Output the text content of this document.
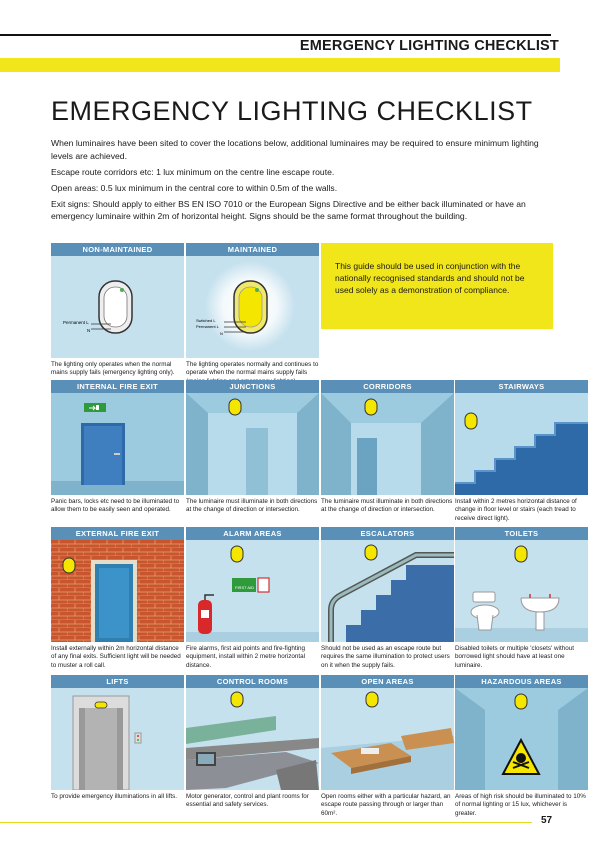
EMERGENCY LIGHTING CHECKLIST
EMERGENCY LIGHTING CHECKLIST

When luminaires have been sited to cover the locations below, additional luminaires may be required to ensure minimum lighting levels are achieved.

Escape route corridors etc: 1 lux minimum on the centre line escape route.

Open areas: 0.5 lux minimum in the central core to within 0.5m of the walls.

Exit signs: Should apply to either BS EN ISO 7010 or the European Signs Directive and be either back illuminated or have an emergency luminaire within 2m of horizontal height. Signs should be the same format throughout the building.

This guide should be used in conjunction with the nationally recognised standards and should not be used solely as a demonstration of compliance.
NON-MAINTAINED
Permanent L
N
The lighting only operates when the normal mains supply fails (emergency lighting only).
MAINTAINED
Switched L
Permanent L
N
The lighting operates normally and continues to operate when the normal mains supply fails
INTERNAL FIRE EXIT
Panic bars, locks etc need to be illuminated to allow them to be easily seen and operated.
JUNCTIONS
The luminaire must illuminate in both directions at the change of direction or intersection.
CORRIDORS
The luminaire must illuminate in both directions at the change of direction or intersection.
STAIRWAYS
Install within 2 metres horizontal distance of change in floor level or stairs (each tread to receive direct light).
EXTERNAL FIRE EXIT
Install externally within 2m horizontal distance of any final exits. Sufficient light will be needed to muster a roll call.
ALARM AREAS
FIRST AID
Fire alarms, first aid points and fire-fighting equipment, install within 2 metre horizontal distance.
ESCALATORS
Should not be used as an escape route but requires the same illumination to protect users on it when the supply fails.
TOILETS
Disabled toilets or multiple 'closets' without borrowed light should have at least one luminaire.
LIFTS
To provide emergency illuminations in all lifts.
CONTROL ROOMS
Motor generator, control and plant rooms for essential and safety services.
OPEN AREAS
Open rooms either with a particular hazard, an escape route passing through or larger than 60m².
HAZARDOUS AREAS
Areas of high risk should be illuminated to 10% of normal lighting or 15 lux, whichever is greater.
57
